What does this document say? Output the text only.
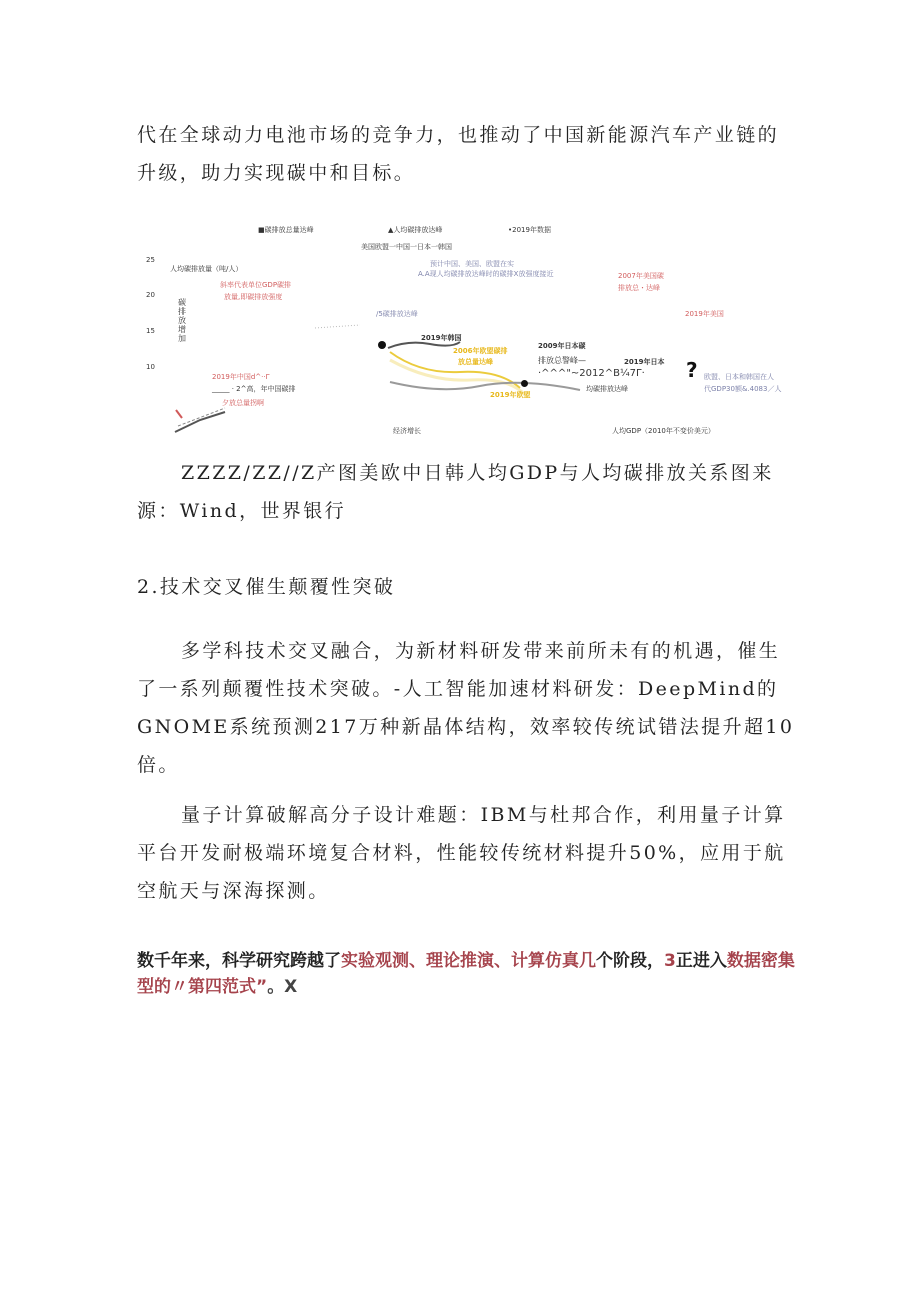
代在全球动力电池市场的竞争力，也推动了中国新能源汽车产业链的升级，助力实现碳中和目标。

■碳排放总量达峰	▲人均碳排放达峰	•2019年数据
美国欧盟一中国一日本一韩国
25
人均碳排放量（吨/人）
20
15
10
碳排放增加
斜率代表单位GDP碳排
放量,即碳排放强度
预计中国、美国、欧盟在实
A.A现人均碳排放达峰时的碳排X放强度接近	2007年美国碳
排放总・达峰
2019年美国
/5碳排放达峰
2019年韩国
2006年欧盟碳排
放总量达峰
2019年欧盟
2009年日本碳
排放总警峰—	2019年日本
·^^^"~2012^B¼7Γ·
均碳排放达峰
? 欧盟、日本和韩国在人
代GDP30额&.4083／人
2019年中国d^··Γ
_____ · 2^高，年中国碳排
夕放总量拐啊
经济增长	人均GDP（2010年不变价美元）

ZZZZ/ZZ//Z产图美欧中日韩人均GDP与人均碳排放关系图来源：Wind，世界银行

2.技术交叉催生颠覆性突破

多学科技术交叉融合，为新材料研发带来前所未有的机遇，催生了一系列颠覆性技术突破。-人工智能加速材料研发：DeepMind的GNOME系统预测217万种新晶体结构，效率较传统试错法提升超10倍。

量子计算破解高分子设计难题：IBM与杜邦合作，利用量子计算平台开发耐极端环境复合材料，性能较传统材料提升50%，应用于航空航天与深海探测。

数千年来，科学研究跨越了实验观测、理论推演、计算仿真几个阶段，3正进入数据密集型的〃第四范式”。X
